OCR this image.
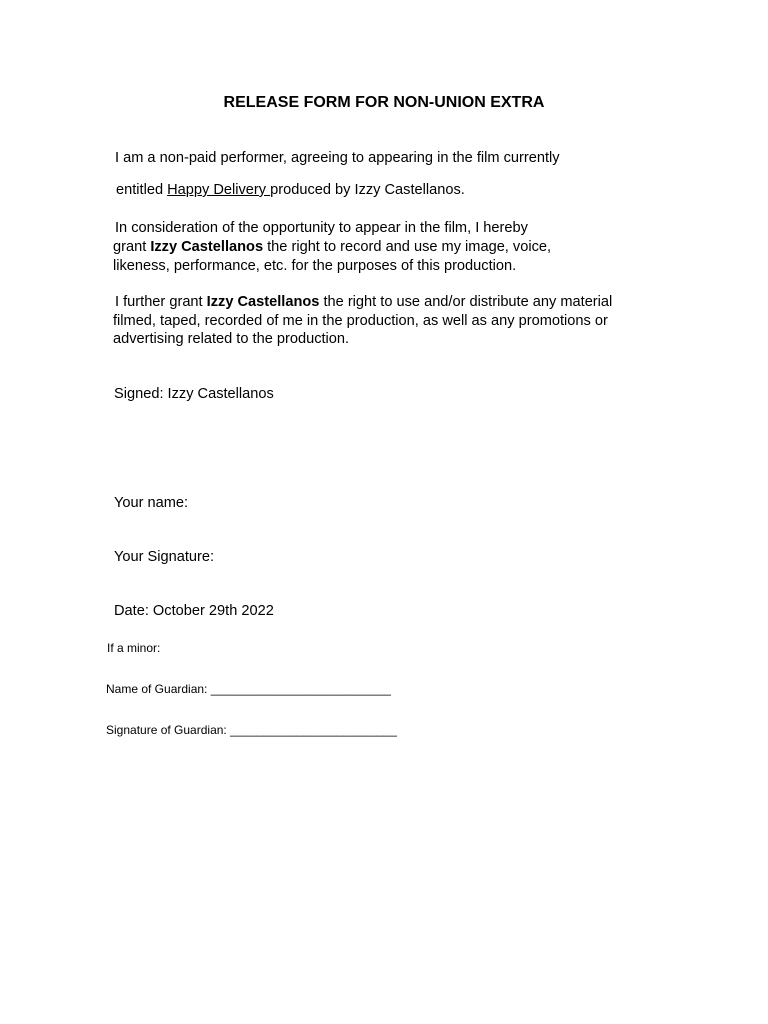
RELEASE FORM FOR NON-UNION EXTRA
I am a non-paid performer, agreeing to appearing in the film currently
entitled Happy Delivery produced by Izzy Castellanos.
In consideration of the opportunity to appear in the film, I hereby
grant Izzy Castellanos the right to record and use my image, voice,
likeness, performance, etc. for the purposes of this production.
I further grant Izzy Castellanos the right to use and/or distribute any material
filmed, taped, recorded of me in the production, as well as any promotions or
advertising related to the production.
Signed: Izzy Castellanos
Your name:
Your Signature:
Date: October 29th 2022
If a minor:
Name of Guardian: ___________________________
Signature of Guardian: _________________________
